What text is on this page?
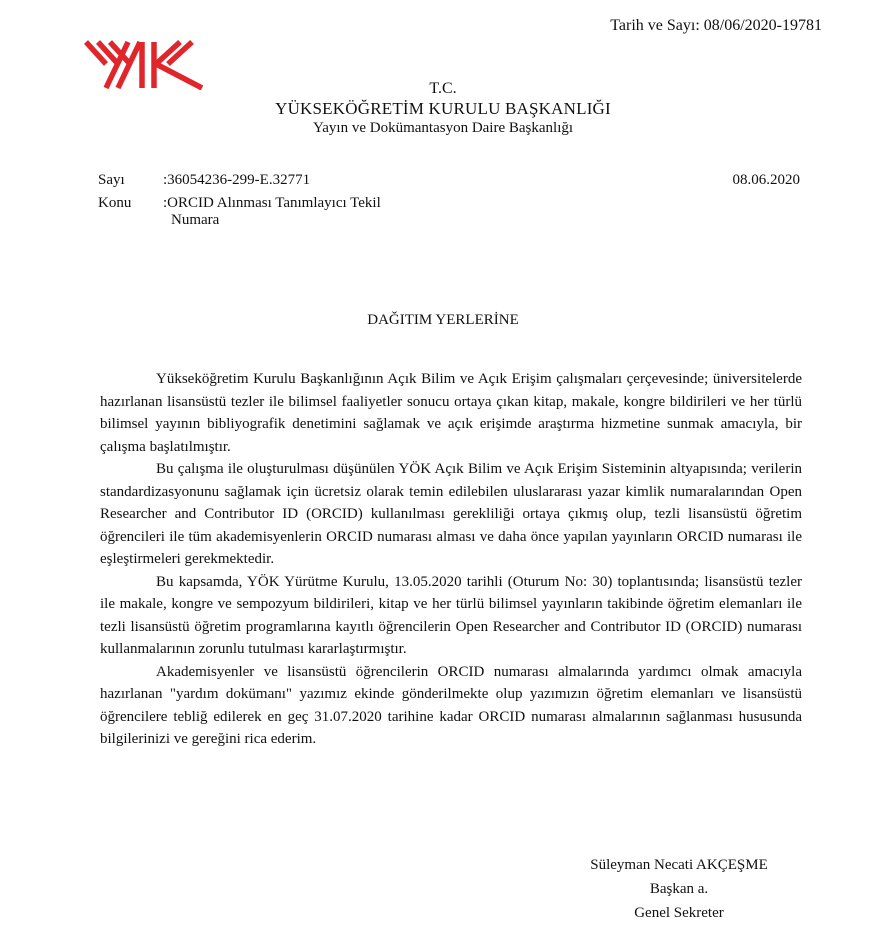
Tarih ve Sayı: 08/06/2020-19781
T.C.
YÜKSEKÖĞRETİM KURULU BAŞKANLIĞI
Yayın ve Dokümantasyon Daire Başkanlığı
Sayı	:36054236-299-E.32771
Konu :ORCID Alınması Tanımlayıcı Tekil
Numara
08.06.2020
DAĞITIM YERLERİNE

Yükseköğretim Kurulu Başkanlığının Açık Bilim ve Açık Erişim çalışmaları çerçevesinde; üniversitelerde hazırlanan lisansüstü tezler ile bilimsel faaliyetler sonucu ortaya çıkan kitap, makale, kongre bildirileri ve her türlü bilimsel yayının bibliyografik denetimini sağlamak ve açık erişimde araştırma hizmetine sunmak amacıyla, bir çalışma başlatılmıştır.

Bu çalışma ile oluşturulması düşünülen YÖK Açık Bilim ve Açık Erişim Sisteminin altyapısında; verilerin standardizasyonunu sağlamak için ücretsiz olarak temin edilebilen uluslararası yazar kimlik numaralarından Open Researcher and Contributor ID (ORCID) kullanılması gerekliliği ortaya çıkmış olup, tezli lisansüstü öğretim öğrencileri ile tüm akademisyenlerin ORCID numarası alması ve daha önce yapılan yayınların ORCID numarası ile eşleştirmeleri gerekmektedir.

Bu kapsamda, YÖK Yürütme Kurulu, 13.05.2020 tarihli (Oturum No: 30) toplantısında; lisansüstü tezler ile makale, kongre ve sempozyum bildirileri, kitap ve her türlü bilimsel yayınların takibinde öğretim elemanları ile tezli lisansüstü öğretim programlarına kayıtlı öğrencilerin Open Researcher and Contributor ID (ORCID) numarası kullanmalarının zorunlu tutulması kararlaştırmıştır.

Akademisyenler ve lisansüstü öğrencilerin ORCID numarası almalarında yardımcı olmak amacıyla hazırlanan "yardım dokümanı" yazımız ekinde gönderilmekte olup yazımızın öğretim elemanları ve lisansüstü öğrencilere tebliğ edilerek en geç 31.07.2020 tarihine kadar ORCID numarası almalarının sağlanması hususunda bilgilerinizi ve gereğini rica ederim.

Süleyman Necati AKÇEŞME
Başkan a.
Genel Sekreter
